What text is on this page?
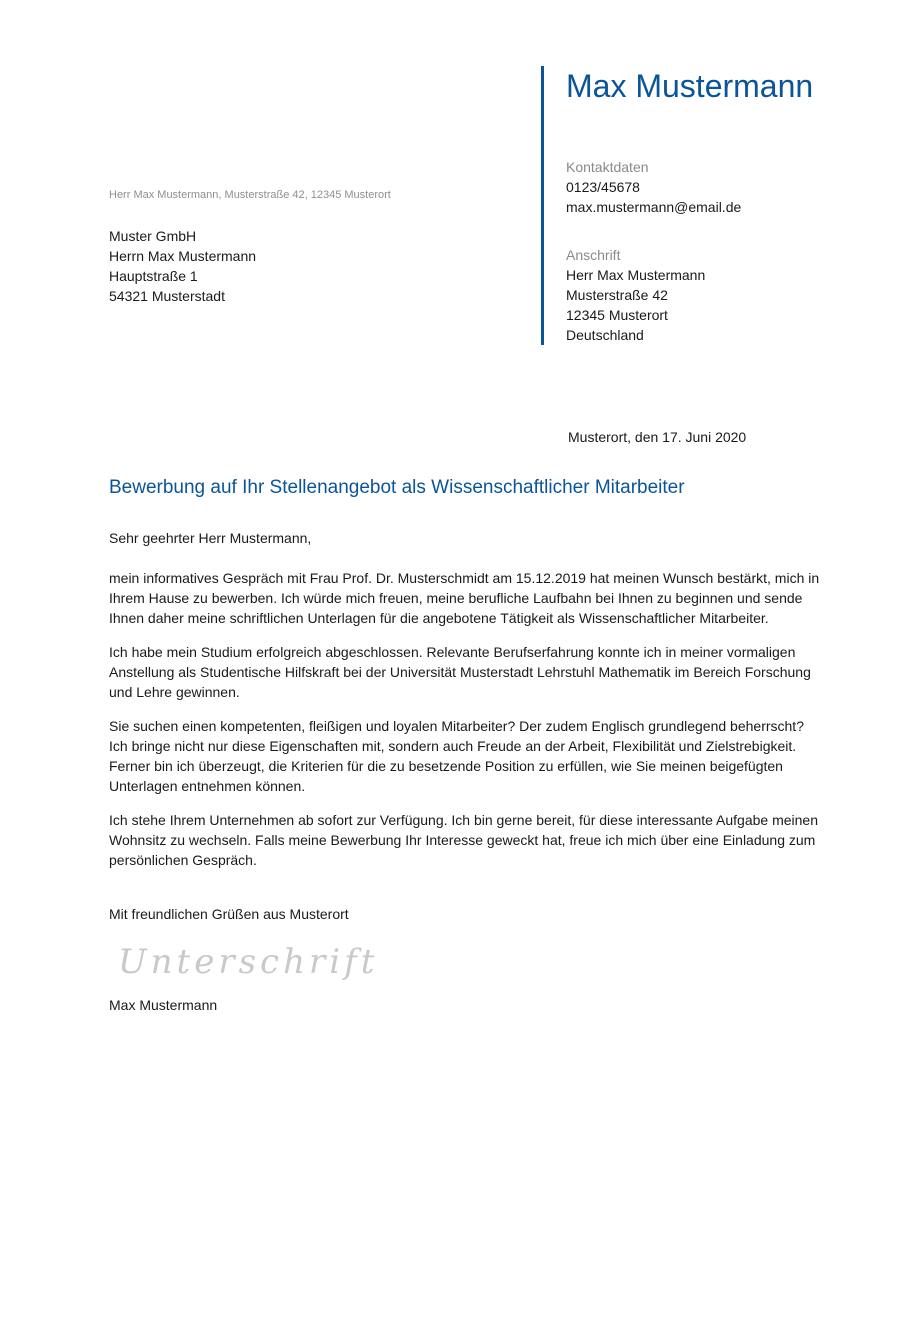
Max Mustermann
Kontaktdaten
0123/45678
max.mustermann@email.de
Anschrift
Herr Max Mustermann
Musterstraße 42
12345 Musterort
Deutschland
Herr Max Mustermann, Musterstraße 42, 12345 Musterort
Muster GmbH
Herrn Max Mustermann
Hauptstraße 1
54321 Musterstadt
Musterort, den 17. Juni 2020
Bewerbung auf Ihr Stellenangebot als Wissenschaftlicher Mitarbeiter
Sehr geehrter Herr Mustermann,

mein informatives Gespräch mit Frau Prof. Dr. Musterschmidt am 15.12.2019 hat meinen Wunsch bestärkt, mich in Ihrem Hause zu bewerben. Ich würde mich freuen, meine berufliche Laufbahn bei Ihnen zu beginnen und sende Ihnen daher meine schriftlichen Unterlagen für die angebotene Tätigkeit als Wissenschaftlicher Mitarbeiter.

Ich habe mein Studium erfolgreich abgeschlossen. Relevante Berufserfahrung konnte ich in meiner vormaligen Anstellung als Studentische Hilfskraft bei der Universität Musterstadt Lehrstuhl Mathematik im Bereich Forschung und Lehre gewinnen.

Sie suchen einen kompetenten, fleißigen und loyalen Mitarbeiter? Der zudem Englisch grundlegend beherrscht? Ich bringe nicht nur diese Eigenschaften mit, sondern auch Freude an der Arbeit, Flexibilität und Zielstrebigkeit. Ferner bin ich überzeugt, die Kriterien für die zu besetzende Position zu erfüllen, wie Sie meinen beigefügten Unterlagen entnehmen können.

Ich stehe Ihrem Unternehmen ab sofort zur Verfügung. Ich bin gerne bereit, für diese interessante Aufgabe meinen Wohnsitz zu wechseln. Falls meine Bewerbung Ihr Interesse geweckt hat, freue ich mich über eine Einladung zum persönlichen Gespräch.

Mit freundlichen Grüßen aus Musterort
Unterschrift
Max Mustermann
